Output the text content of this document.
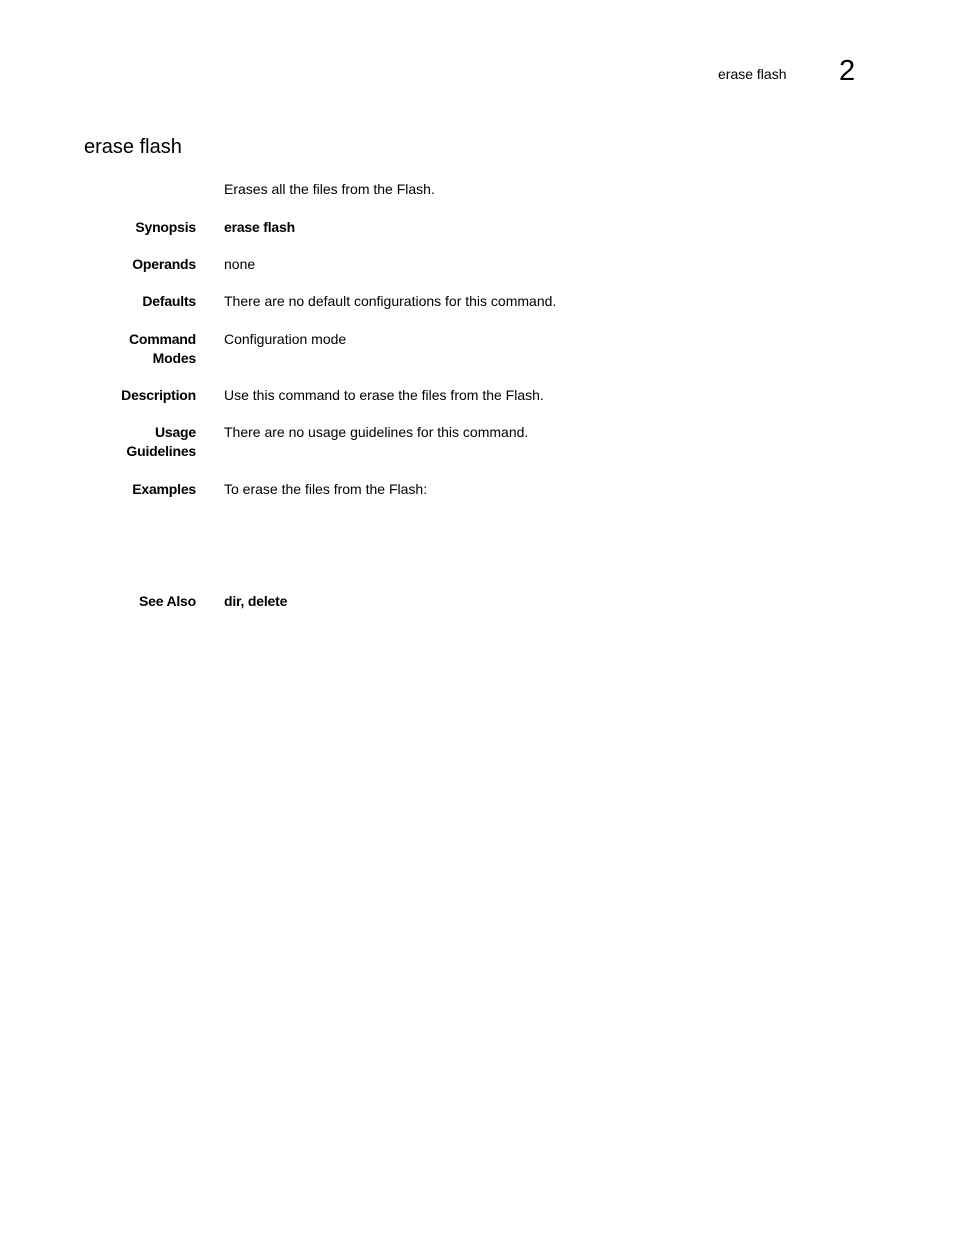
erase flash 2
erase flash
Erases all the files from the Flash.
Synopsis erase flash
Operands none
Defaults There are no default configurations for this command.
Command
Modes
Configuration mode
Description Use this command to erase the files from the Flash.
Usage
Guidelines
There are no usage guidelines for this command.
Examples To erase the files from the Flash:
See Also dir, delete
